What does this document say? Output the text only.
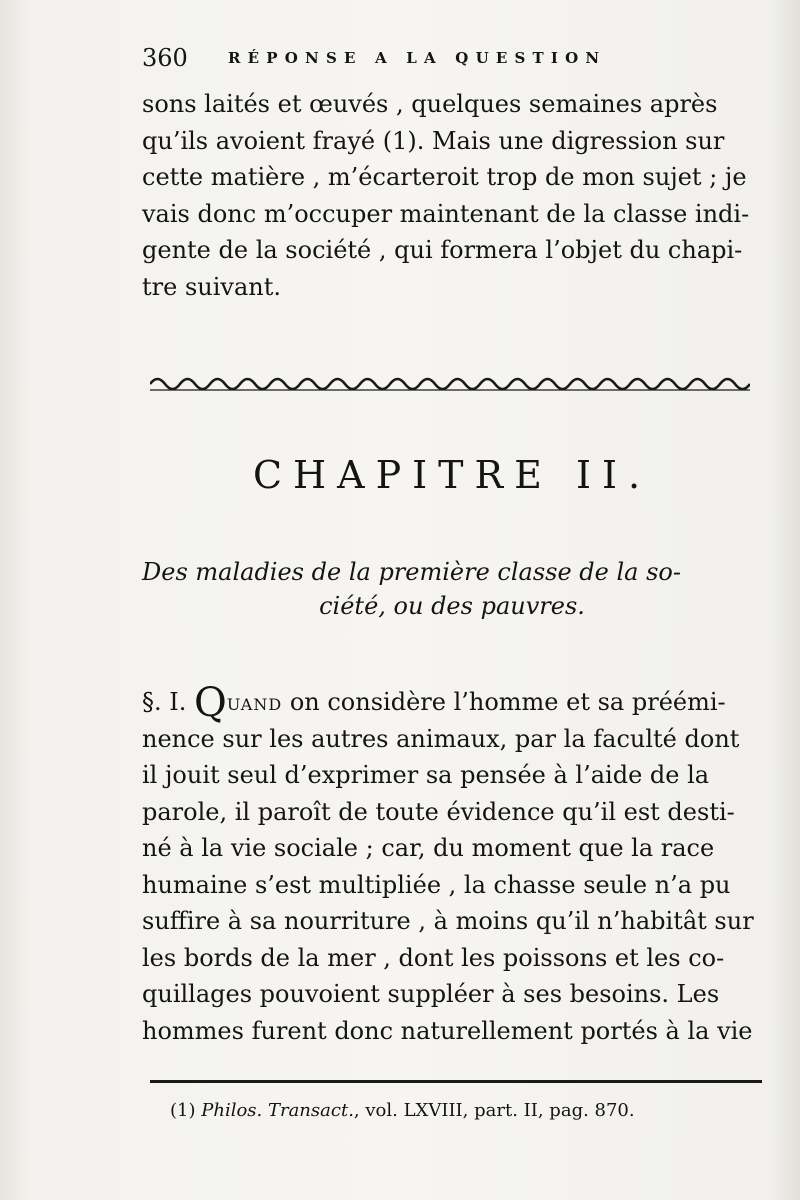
360	RÉPONSE A LA QUESTION
sons laités et œuvés , quelques semaines après
qu’ils avoient frayé (1). Mais une digression sur
cette matière , m’écarteroit trop de mon sujet ; je
vais donc m’occuper maintenant de la classe indi-
gente de la société , qui formera l’objet du chapi-
tre suivant.
CHAPITRE II.
Des maladies de la première classe de la so-
ciété, ou des pauvres.
§. I. QUAND on considère l’homme et sa préémi-
nence sur les autres animaux, par la faculté dont
il jouit seul d’exprimer sa pensée à l’aide de la
parole, il paroît de toute évidence qu’il est desti-
né à la vie sociale ; car, du moment que la race
humaine s’est multipliée , la chasse seule n’a pu
suffire à sa nourriture , à moins qu’il n’habitât sur
les bords de la mer , dont les poissons et les co-
quillages pouvoient suppléer à ses besoins. Les
hommes furent donc naturellement portés à la vie
(1) Philos. Transact., vol. LXVIII, part. II, pag. 870.
